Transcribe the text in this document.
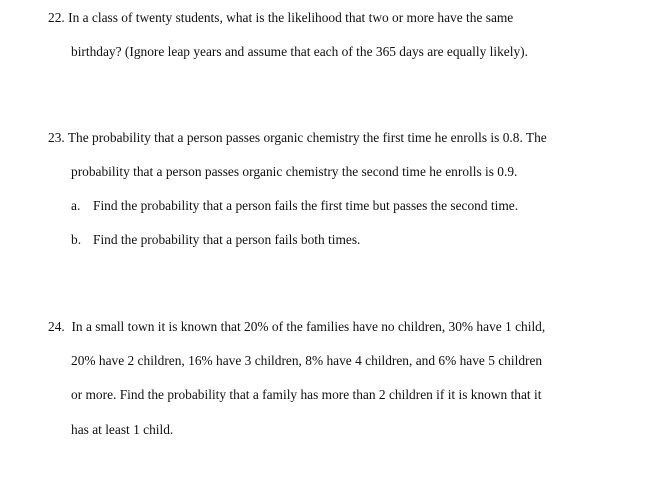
22. In a class of twenty students, what is the likelihood that two or more have the same
birthday? (Ignore leap years and assume that each of the 365 days are equally likely).
23. The probability that a person passes organic chemistry the first time he enrolls is 0.8. The
probability that a person passes organic chemistry the second time he enrolls is 0.9.
a. Find the probability that a person fails the first time but passes the second time.
b. Find the probability that a person fails both times.
24. In a small town it is known that 20% of the families have no children, 30% have 1 child,
20% have 2 children, 16% have 3 children, 8% have 4 children, and 6% have 5 children
or more. Find the probability that a family has more than 2 children if it is known that it
has at least 1 child.
